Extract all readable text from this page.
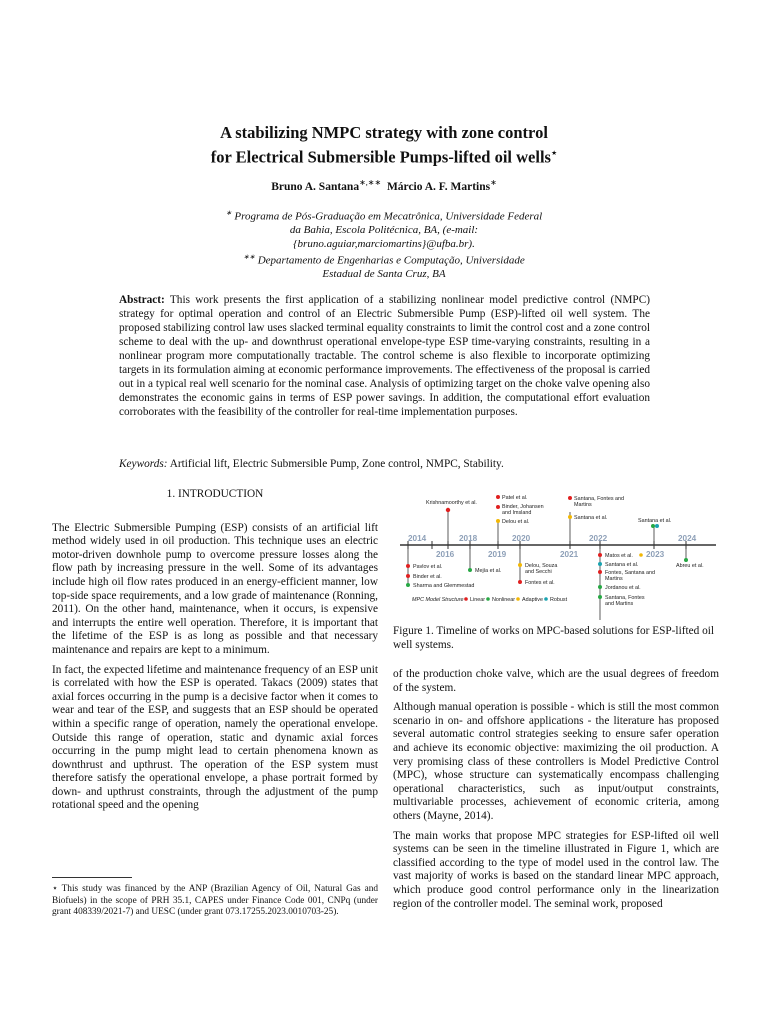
A stabilizing NMPC strategy with zone control
for Electrical Submersible Pumps-lifted oil wells⋆
Bruno A. Santana∗,∗∗ Márcio A. F. Martins∗
∗ Programa de Pós-Graduação em Mecatrônica, Universidade Federal
da Bahia, Escola Politécnica, BA, (e-mail:
{bruno.aguiar,marciomartins}@ufba.br).
∗∗ Departamento de Engenharias e Computação, Universidade
Estadual de Santa Cruz, BA
Abstract: This work presents the first application of a stabilizing nonlinear model predictive control (NMPC) strategy for optimal operation and control of an Electric Submersible Pump (ESP)-lifted oil well system. The proposed stabilizing control law uses slacked terminal equality constraints to limit the control cost and a zone control scheme to deal with the up- and downthrust operational envelope-type ESP time-varying constraints, resulting in a nonlinear program more computationally tractable. The control scheme is also flexible to incorporate optimizing targets in its formulation aiming at economic performance improvements. The effectiveness of the proposal is carried out in a typical real well scenario for the nominal case. Analysis of optimizing target on the choke valve opening also demonstrates the economic gains in terms of ESP power savings. In addition, the computational effort evaluation corroborates with the feasibility of the controller for real-time implementation purposes.
Keywords: Artificial lift, Electric Submersible Pump, Zone control, NMPC, Stability.

1. INTRODUCTION

The Electric Submersible Pumping (ESP) consists of an artificial lift method widely used in oil production. This technique uses an electric motor-driven downhole pump to overcome pressure losses along the flow path by increasing pressure in the well. Some of its advantages include high oil flow rates produced in an energy-efficient manner, low top-side space requirements, and a low grade of maintenance (Ronning, 2011). On the other hand, maintenance, when it occurs, is expensive and interrupts the entire well operation. Therefore, it is important that the lifetime of the ESP is as long as possible and that necessary maintenance and repairs are kept to a minimum.

In fact, the expected lifetime and maintenance frequency of an ESP unit is correlated with how the ESP is operated. Takacs (2009) states that axial forces occurring in the pump is a decisive factor when it comes to wear and tear of the ESP, and suggests that an ESP should be operated within a specific range of operation, namely the operational envelope. Outside this range of operation, static and dynamic axial forces occurring in the pump might lead to certain phenomena known as downthrust and upthrust. The operation of the ESP system must therefore satisfy the operational envelope, a phase portrait formed by down- and upthrust constraints, through the adjustment of the pump rotational speed and the opening

⋆ This study was financed by the ANP (Brazilian Agency of Oil, Natural Gas and Biofuels) in the scope of PRH 35.1, CAPES under Finance Code 001, CNPq (under grant 408339/2021-7) and UESC (under grant 073.17255.2023.0010703-25).
2014
2016
2018
2019
2020
2021
2022
2023
2024
Krishnamoorthy et al.
Patel et al.
Binder, Johansen
and Imsland
Delou et al.
Santana, Fontes and
Martins
Santana et al.	Santana et al.
Pavlov et al.
Binder et al.
Sharma and Glemmestad
Mejía et al.
Delou, Souza
and Secchi
Fontes et al.
Matos et al.
Santana et al.
Fontes, Santana and
Martins
Jordanou et al.
Santana, Fontes
and Martins
Abreu et al.
MPC Model Structure Linear Nonlinear Adaptive Robust
Figure 1. Timeline of works on MPC-based solutions for ESP-lifted oil well systems.

of the production choke valve, which are the usual degrees of freedom of the system.

Although manual operation is possible - which is still the most common scenario in on- and offshore applications - the literature has proposed several automatic control strategies seeking to ensure safer operation and achieve its economic objective: maximizing the oil production. A very promising class of these controllers is Model Predictive Control (MPC), whose structure can systematically encompass challenging operational characteristics, such as input/output constraints, multivariable processes, achievement of economic criteria, among others (Mayne, 2014).

The main works that propose MPC strategies for ESP-lifted oil well systems can be seen in the timeline illustrated in Figure 1, which are classified according to the type of model used in the control law. The vast majority of works is based on the standard linear MPC approach, which produce good control performance only in the linearization region of the controller model. The seminal work, proposed
